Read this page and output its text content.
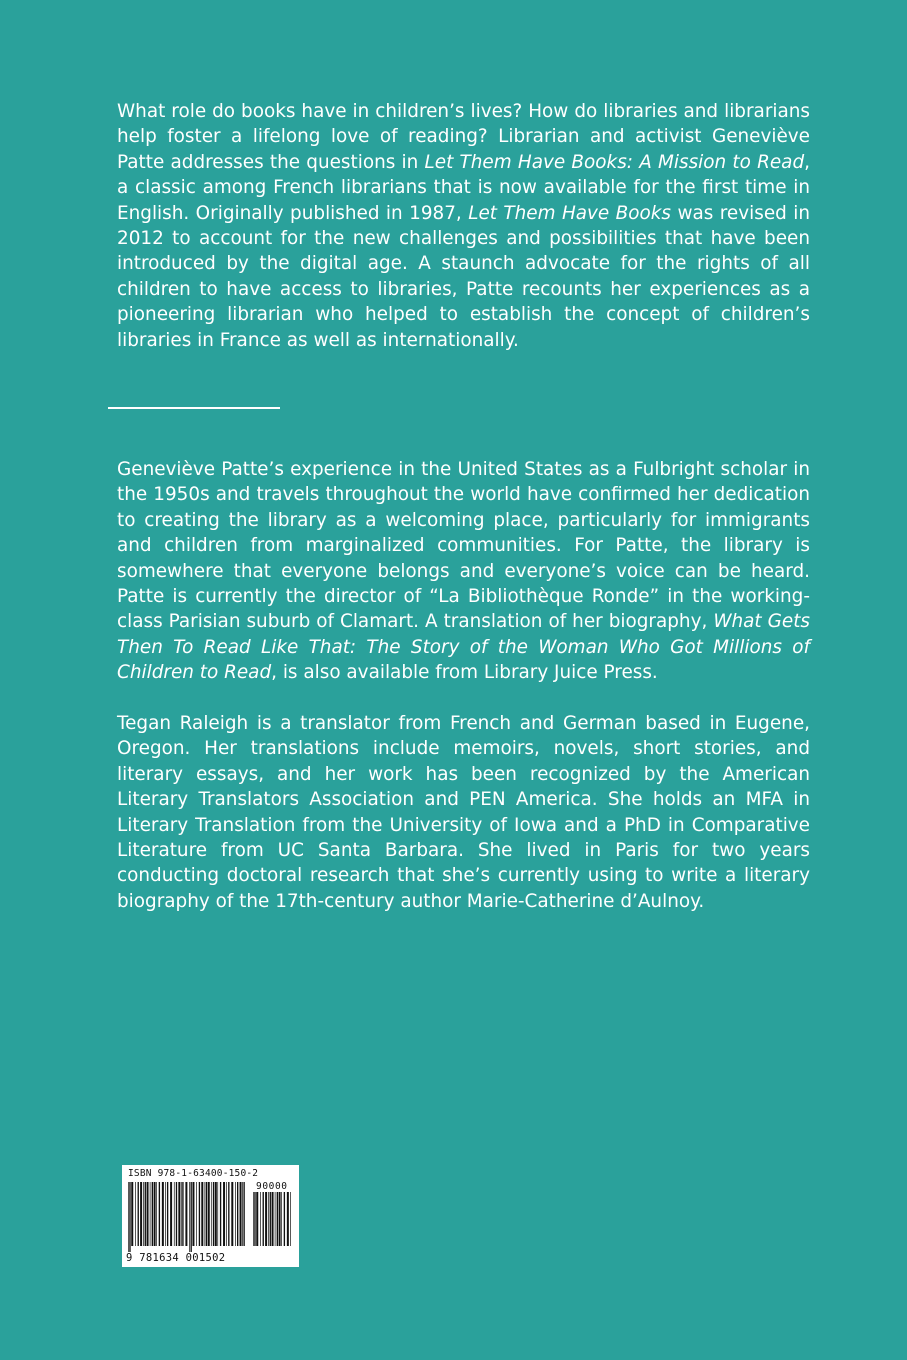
What role do books have in children’s lives? How do libraries and librarians help foster a lifelong love of reading? Librarian and activist Geneviève Patte addresses the questions in Let Them Have Books: A Mission to Read, a classic among French librarians that is now available for the first time in English. Originally published in 1987, Let Them Have Books was revised in 2012 to account for the new challenges and possibilities that have been introduced by the digital age. A staunch advocate for the rights of all children to have access to libraries, Patte recounts her experiences as a pioneering librarian who helped to establish the concept of children’s libraries in France as well as internationally.

Geneviève Patte’s experience in the United States as a Fulbright scholar in the 1950s and travels throughout the world have confirmed her dedication to creating the library as a welcoming place, particularly for immigrants and children from marginalized communities. For Patte, the library is somewhere that everyone belongs and everyone’s voice can be heard. Patte is currently the director of “La Bibliothèque Ronde” in the working-class Parisian suburb of Clamart. A translation of her biography, What Gets Then To Read Like That: The Story of the Woman Who Got Millions of Children to Read, is also available from Library Juice Press.

Tegan Raleigh is a translator from French and German based in Eugene, Oregon. Her translations include memoirs, novels, short stories, and literary essays, and her work has been recognized by the American Literary Translators Association and PEN America. She holds an MFA in Literary Translation from the University of Iowa and a PhD in Comparative Literature from UC Santa Barbara. She lived in Paris for two years conducting doctoral research that she’s currently using to write a literary biography of the 17th-century author Marie-Catherine d’Aulnoy.

ISBN 978-1-63400-150-2
90000
9 781634 001502
